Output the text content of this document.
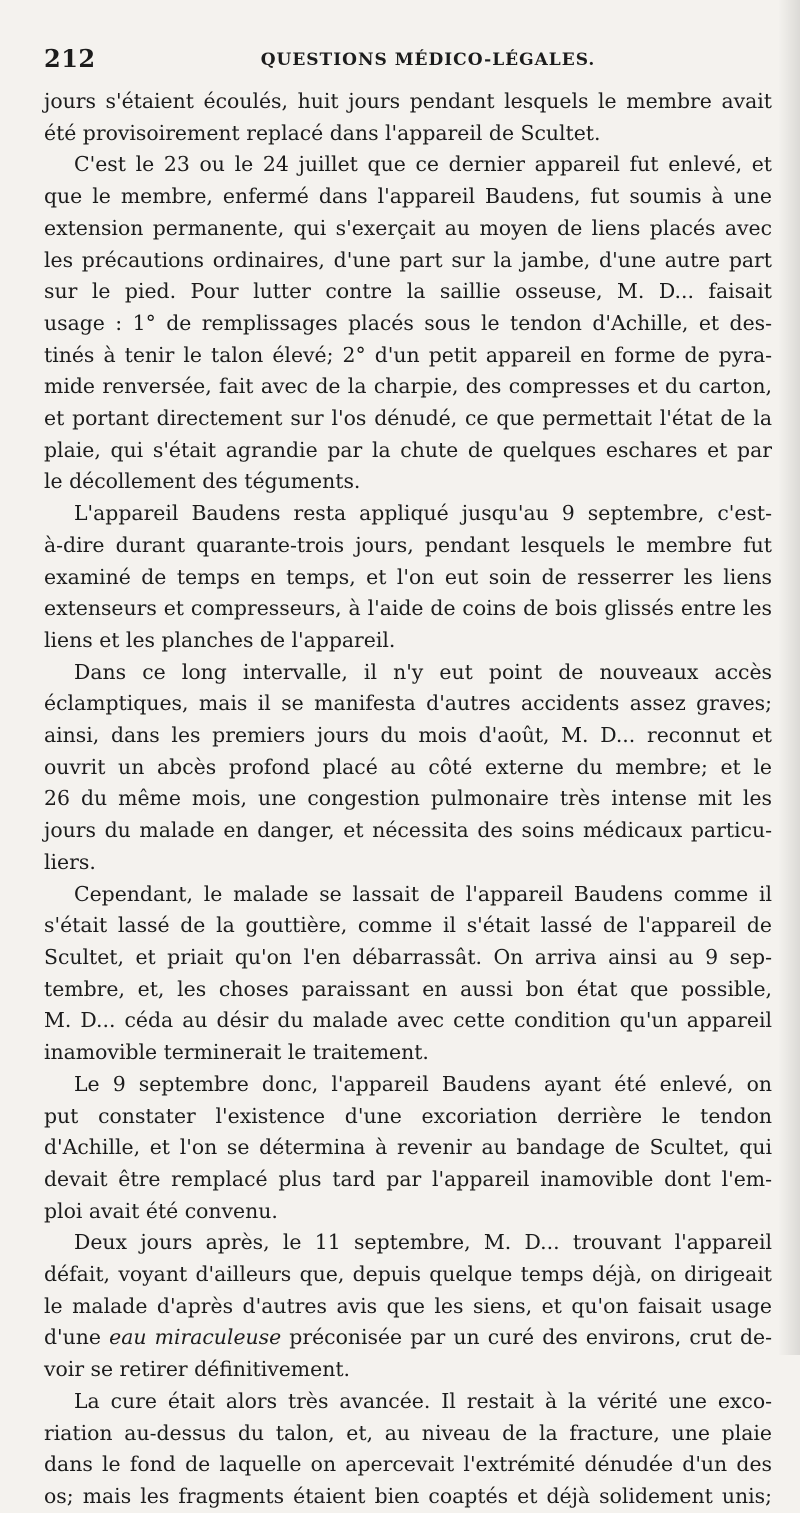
212	QUESTIONS MÉDICO-LÉGALES.
jours s'étaient écoulés, huit jours pendant lesquels le membre avait
été provisoirement replacé dans l'appareil de Scultet.
C'est le 23 ou le 24 juillet que ce dernier appareil fut enlevé, et
que le membre, enfermé dans l'appareil Baudens, fut soumis à une
extension permanente, qui s'exerçait au moyen de liens placés avec
les précautions ordinaires, d'une part sur la jambe, d'une autre part
sur le pied. Pour lutter contre la saillie osseuse, M. D... faisait
usage : 1° de remplissages placés sous le tendon d'Achille, et des-
tinés à tenir le talon élevé; 2° d'un petit appareil en forme de pyra-
mide renversée, fait avec de la charpie, des compresses et du carton,
et portant directement sur l'os dénudé, ce que permettait l'état de la
plaie, qui s'était agrandie par la chute de quelques eschares et par
le décollement des téguments.
L'appareil Baudens resta appliqué jusqu'au 9 septembre, c'est-
à-dire durant quarante-trois jours, pendant lesquels le membre fut
examiné de temps en temps, et l'on eut soin de resserrer les liens
extenseurs et compresseurs, à l'aide de coins de bois glissés entre les
liens et les planches de l'appareil.
Dans ce long intervalle, il n'y eut point de nouveaux accès
éclamptiques, mais il se manifesta d'autres accidents assez graves;
ainsi, dans les premiers jours du mois d'août, M. D... reconnut et
ouvrit un abcès profond placé au côté externe du membre; et le
26 du même mois, une congestion pulmonaire très intense mit les
jours du malade en danger, et nécessita des soins médicaux particu-
liers.
Cependant, le malade se lassait de l'appareil Baudens comme il
s'était lassé de la gouttière, comme il s'était lassé de l'appareil de
Scultet, et priait qu'on l'en débarrassât. On arriva ainsi au 9 sep-
tembre, et, les choses paraissant en aussi bon état que possible,
M. D... céda au désir du malade avec cette condition qu'un appareil
inamovible terminerait le traitement.
Le 9 septembre donc, l'appareil Baudens ayant été enlevé, on
put constater l'existence d'une excoriation derrière le tendon
d'Achille, et l'on se détermina à revenir au bandage de Scultet, qui
devait être remplacé plus tard par l'appareil inamovible dont l'em-
ploi avait été convenu.
Deux jours après, le 11 septembre, M. D... trouvant l'appareil
défait, voyant d'ailleurs que, depuis quelque temps déjà, on dirigeait
le malade d'après d'autres avis que les siens, et qu'on faisait usage
d'une eau miraculeuse préconisée par un curé des environs, crut de-
voir se retirer définitivement.
La cure était alors très avancée. Il restait à la vérité une exco-
riation au-dessus du talon, et, au niveau de la fracture, une plaie
dans le fond de laquelle on apercevait l'extrémité dénudée d'un des
os; mais les fragments étaient bien coaptés et déjà solidement unis;
